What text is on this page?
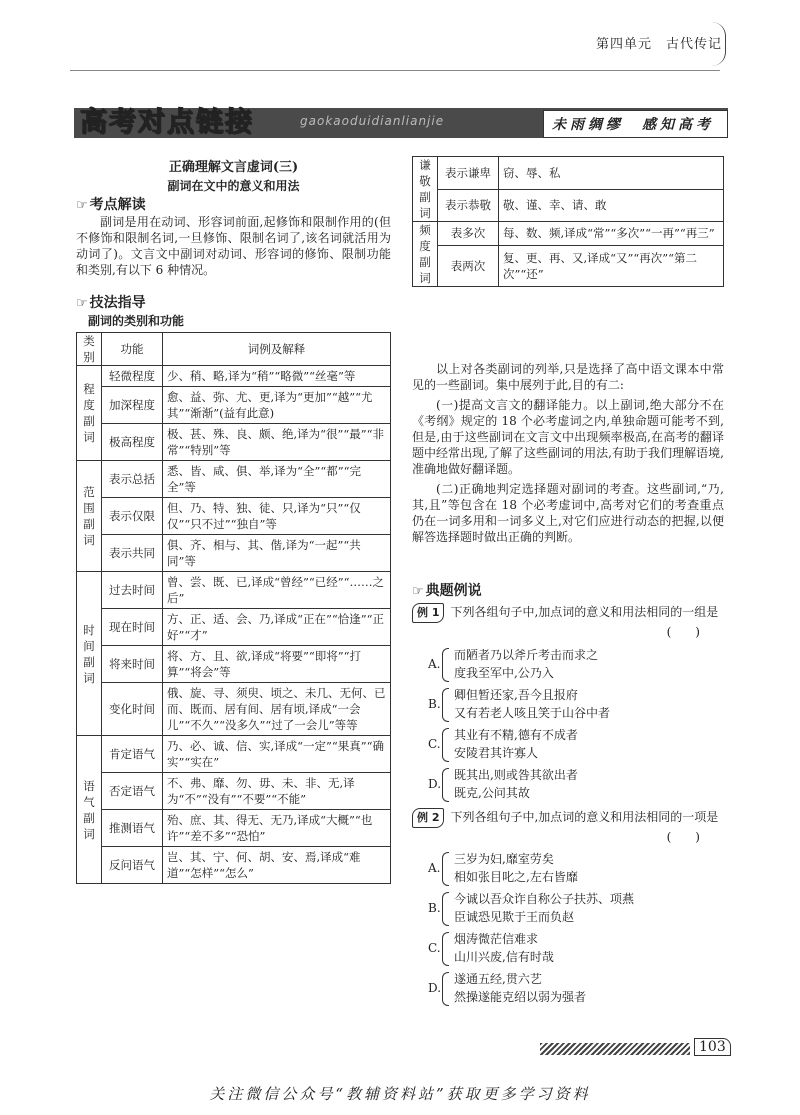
第四单元　古代传记
高考对点链接	gaokaoduidianlianjie	未雨绸缪　感知高考
正确理解文言虚词(三)
副词在文中的意义和用法
☞ 考点解读

副词是用在动词、形容词前面,起修饰和限制作用的(但不修饰和限制名词,一旦修饰、限制名词了,该名词就活用为动词了)。文言文中副词对动词、形容词的修饰、限制功能和类别,有以下 6 种情况。

☞ 技法指导
副词的类别和功能
类别	功能	词例及解释

程
度
副
词	轻微程度	少、稍、略,译为“稍”“略微”“丝毫”等
	加深程度	愈、益、弥、尤、更,译为“更加”“越”“尤其”“渐渐”(益有此意)
	极高程度	极、甚、殊、良、颇、绝,译为“很”“最”“非常”“特别”等

范
围
副
词	表示总括	悉、皆、咸、俱、举,译为“全”“都”“完全”等
	表示仅限	但、乃、特、独、徒、只,译为“只”“仅仅”“只不过”“独自”等
	表示共同	俱、齐、相与、其、偕,译为“一起”“共同”等

时
间
副
词	过去时间	曾、尝、既、已,译成“曾经”“已经”“……之后”
	现在时间	方、正、适、会、乃,译成“正在”“恰逢”“正好”“才”
	将来时间	将、方、且、欲,译成“将要”“即将”“打算”“将会”等
	变化时间	俄、旋、寻、须臾、顷之、未几、无何、已而、既而、居有间、居有顷,译成“一会儿”“不久”“没多久”“过了一会儿”等等

语
气
副
词	肯定语气	乃、必、诚、信、实,译成“一定”“果真”“确实”“实在”
	否定语气	不、弗、靡、勿、毋、未、非、无,译为“不”“没有”“不要”“不能”
	推测语气	殆、庶、其、得无、无乃,译成“大概”“也许”“差不多”“恐怕”
	反问语气	岂、其、宁、何、胡、安、焉,译成“难道”“怎样”“怎么”
谦
敬
副
词	表示谦卑	窃、辱、私
	表示恭敬	敬、谨、幸、请、敢

频
度
副
词	表多次	每、数、频,译成“常”“多次”“一再”“再三”
	表两次	复、更、再、又,译成“又”“再次”“第二次”“还”

以上对各类副词的列举,只是选择了高中语文课本中常见的一些副词。集中展列于此,目的有二:

(一)提高文言文的翻译能力。以上副词,绝大部分不在《考纲》规定的 18 个必考虚词之内,单独命题可能考不到,但是,由于这些副词在文言文中出现频率极高,在高考的翻译题中经常出现,了解了这些副词的用法,有助于我们理解语境,准确地做好翻译题。

(二)正确地判定选择题对副词的考查。这些副词,“乃,其,且”等包含在 18 个必考虚词中,高考对它们的考查重点仍在一词多用和一词多义上,对它们应进行动态的把握,以便解答选择题时做出正确的判断。

☞ 典题例说
例 1 下列各组句子中,加点词的意义和用法相同的一组是
(　　)
A.
而陋者乃以斧斤考击而求之
度我至军中,公乃入
B.
卿但暂还家,吾今且报府
又有若老人咳且笑于山谷中者
C.
其业有不精,德有不成者
安陵君其许寡人
D.
既其出,则或咎其欲出者
既克,公问其故
例 2 下列各组句子中,加点词的意义和用法相同的一项是
(　　)
A.
三岁为妇,靡室劳矣
相如张目叱之,左右皆靡
B.
今诚以吾众诈自称公子扶苏、项燕
臣诚恐见欺于王而负赵
C.
烟涛微茫信难求
山川兴废,信有时哉
D.
遂通五经,贯六艺
然操遂能克绍以弱为强者
103
关注微信公众号“教辅资料站”获取更多学习资料
